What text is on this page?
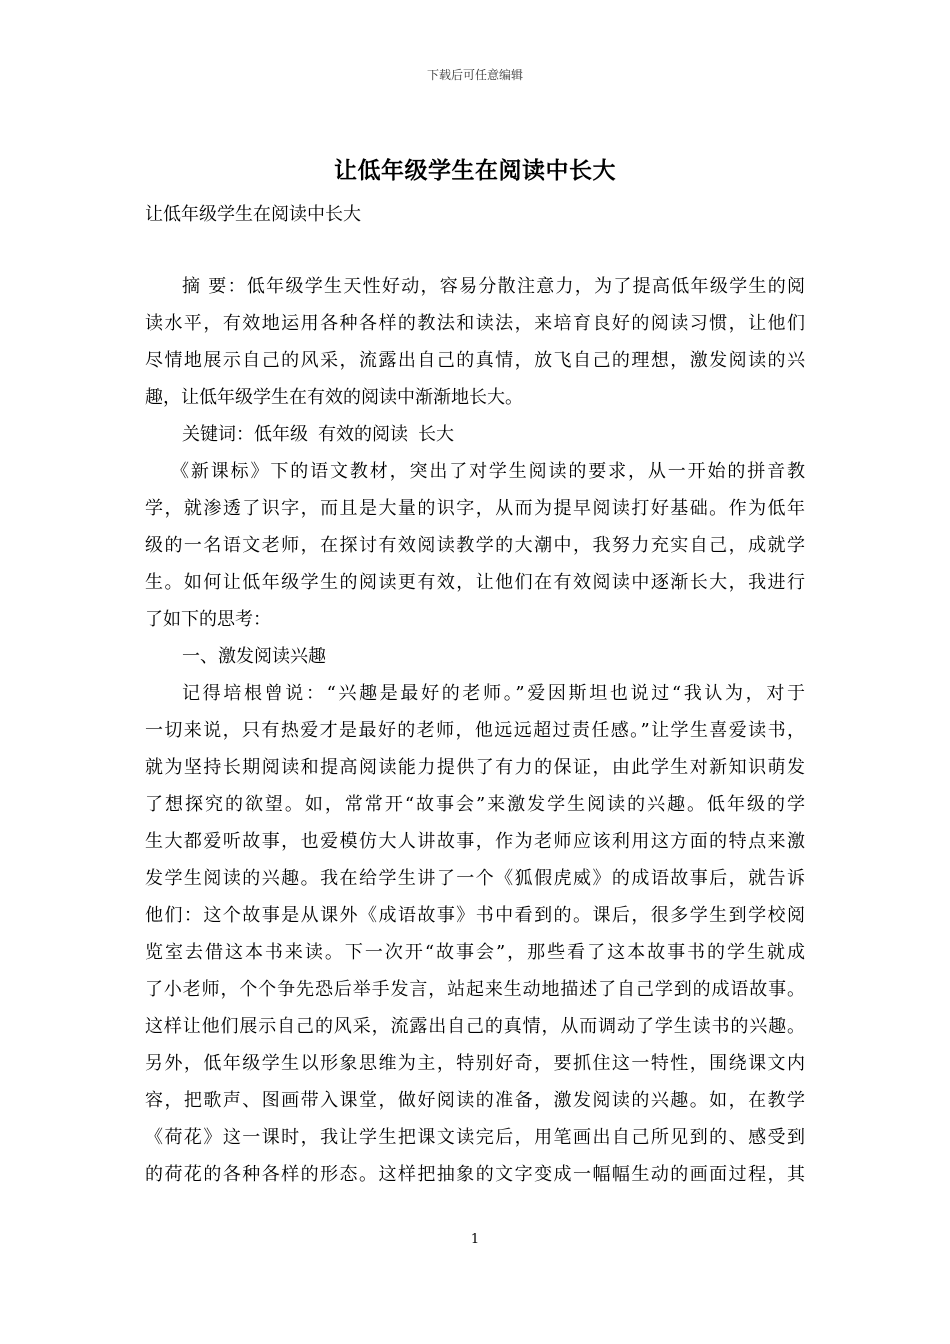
下载后可任意编辑
让低年级学生在阅读中长大
让低年级学生在阅读中长大
摘 要：低年级学生天性好动，容易分散注意力，为了提高低年级学生的阅
读水平，有效地运用各种各样的教法和读法，来培育良好的阅读习惯，让他们
尽情地展示自己的风采，流露出自己的真情，放飞自己的理想，激发阅读的兴
趣，让低年级学生在有效的阅读中渐渐地长大。
关键词：低年级 有效的阅读 长大
《新课标》下的语文教材，突出了对学生阅读的要求，从一开始的拼音教
学，就渗透了识字，而且是大量的识字，从而为提早阅读打好基础。作为低年
级的一名语文老师，在探讨有效阅读教学的大潮中，我努力充实自己，成就学
生。如何让低年级学生的阅读更有效，让他们在有效阅读中逐渐长大，我进行
了如下的思考：
一、激发阅读兴趣
记得培根曾说：“兴趣是最好的老师。”爱因斯坦也说过“我认为，对于
一切来说，只有热爱才是最好的老师，他远远超过责任感。”让学生喜爱读书，
就为坚持长期阅读和提高阅读能力提供了有力的保证，由此学生对新知识萌发
了想探究的欲望。如，常常开“故事会”来激发学生阅读的兴趣。低年级的学
生大都爱听故事，也爱模仿大人讲故事，作为老师应该利用这方面的特点来激
发学生阅读的兴趣。我在给学生讲了一个《狐假虎威》的成语故事后，就告诉
他们：这个故事是从课外《成语故事》书中看到的。课后，很多学生到学校阅
览室去借这本书来读。下一次开“故事会”，那些看了这本故事书的学生就成
了小老师，个个争先恐后举手发言，站起来生动地描述了自己学到的成语故事。
这样让他们展示自己的风采，流露出自己的真情，从而调动了学生读书的兴趣。
另外，低年级学生以形象思维为主，特别好奇，要抓住这一特性，围绕课文内
容，把歌声、图画带入课堂，做好阅读的准备，激发阅读的兴趣。如，在教学
《荷花》这一课时，我让学生把课文读完后，用笔画出自己所见到的、感受到
的荷花的各种各样的形态。这样把抽象的文字变成一幅幅生动的画面过程，其
1
